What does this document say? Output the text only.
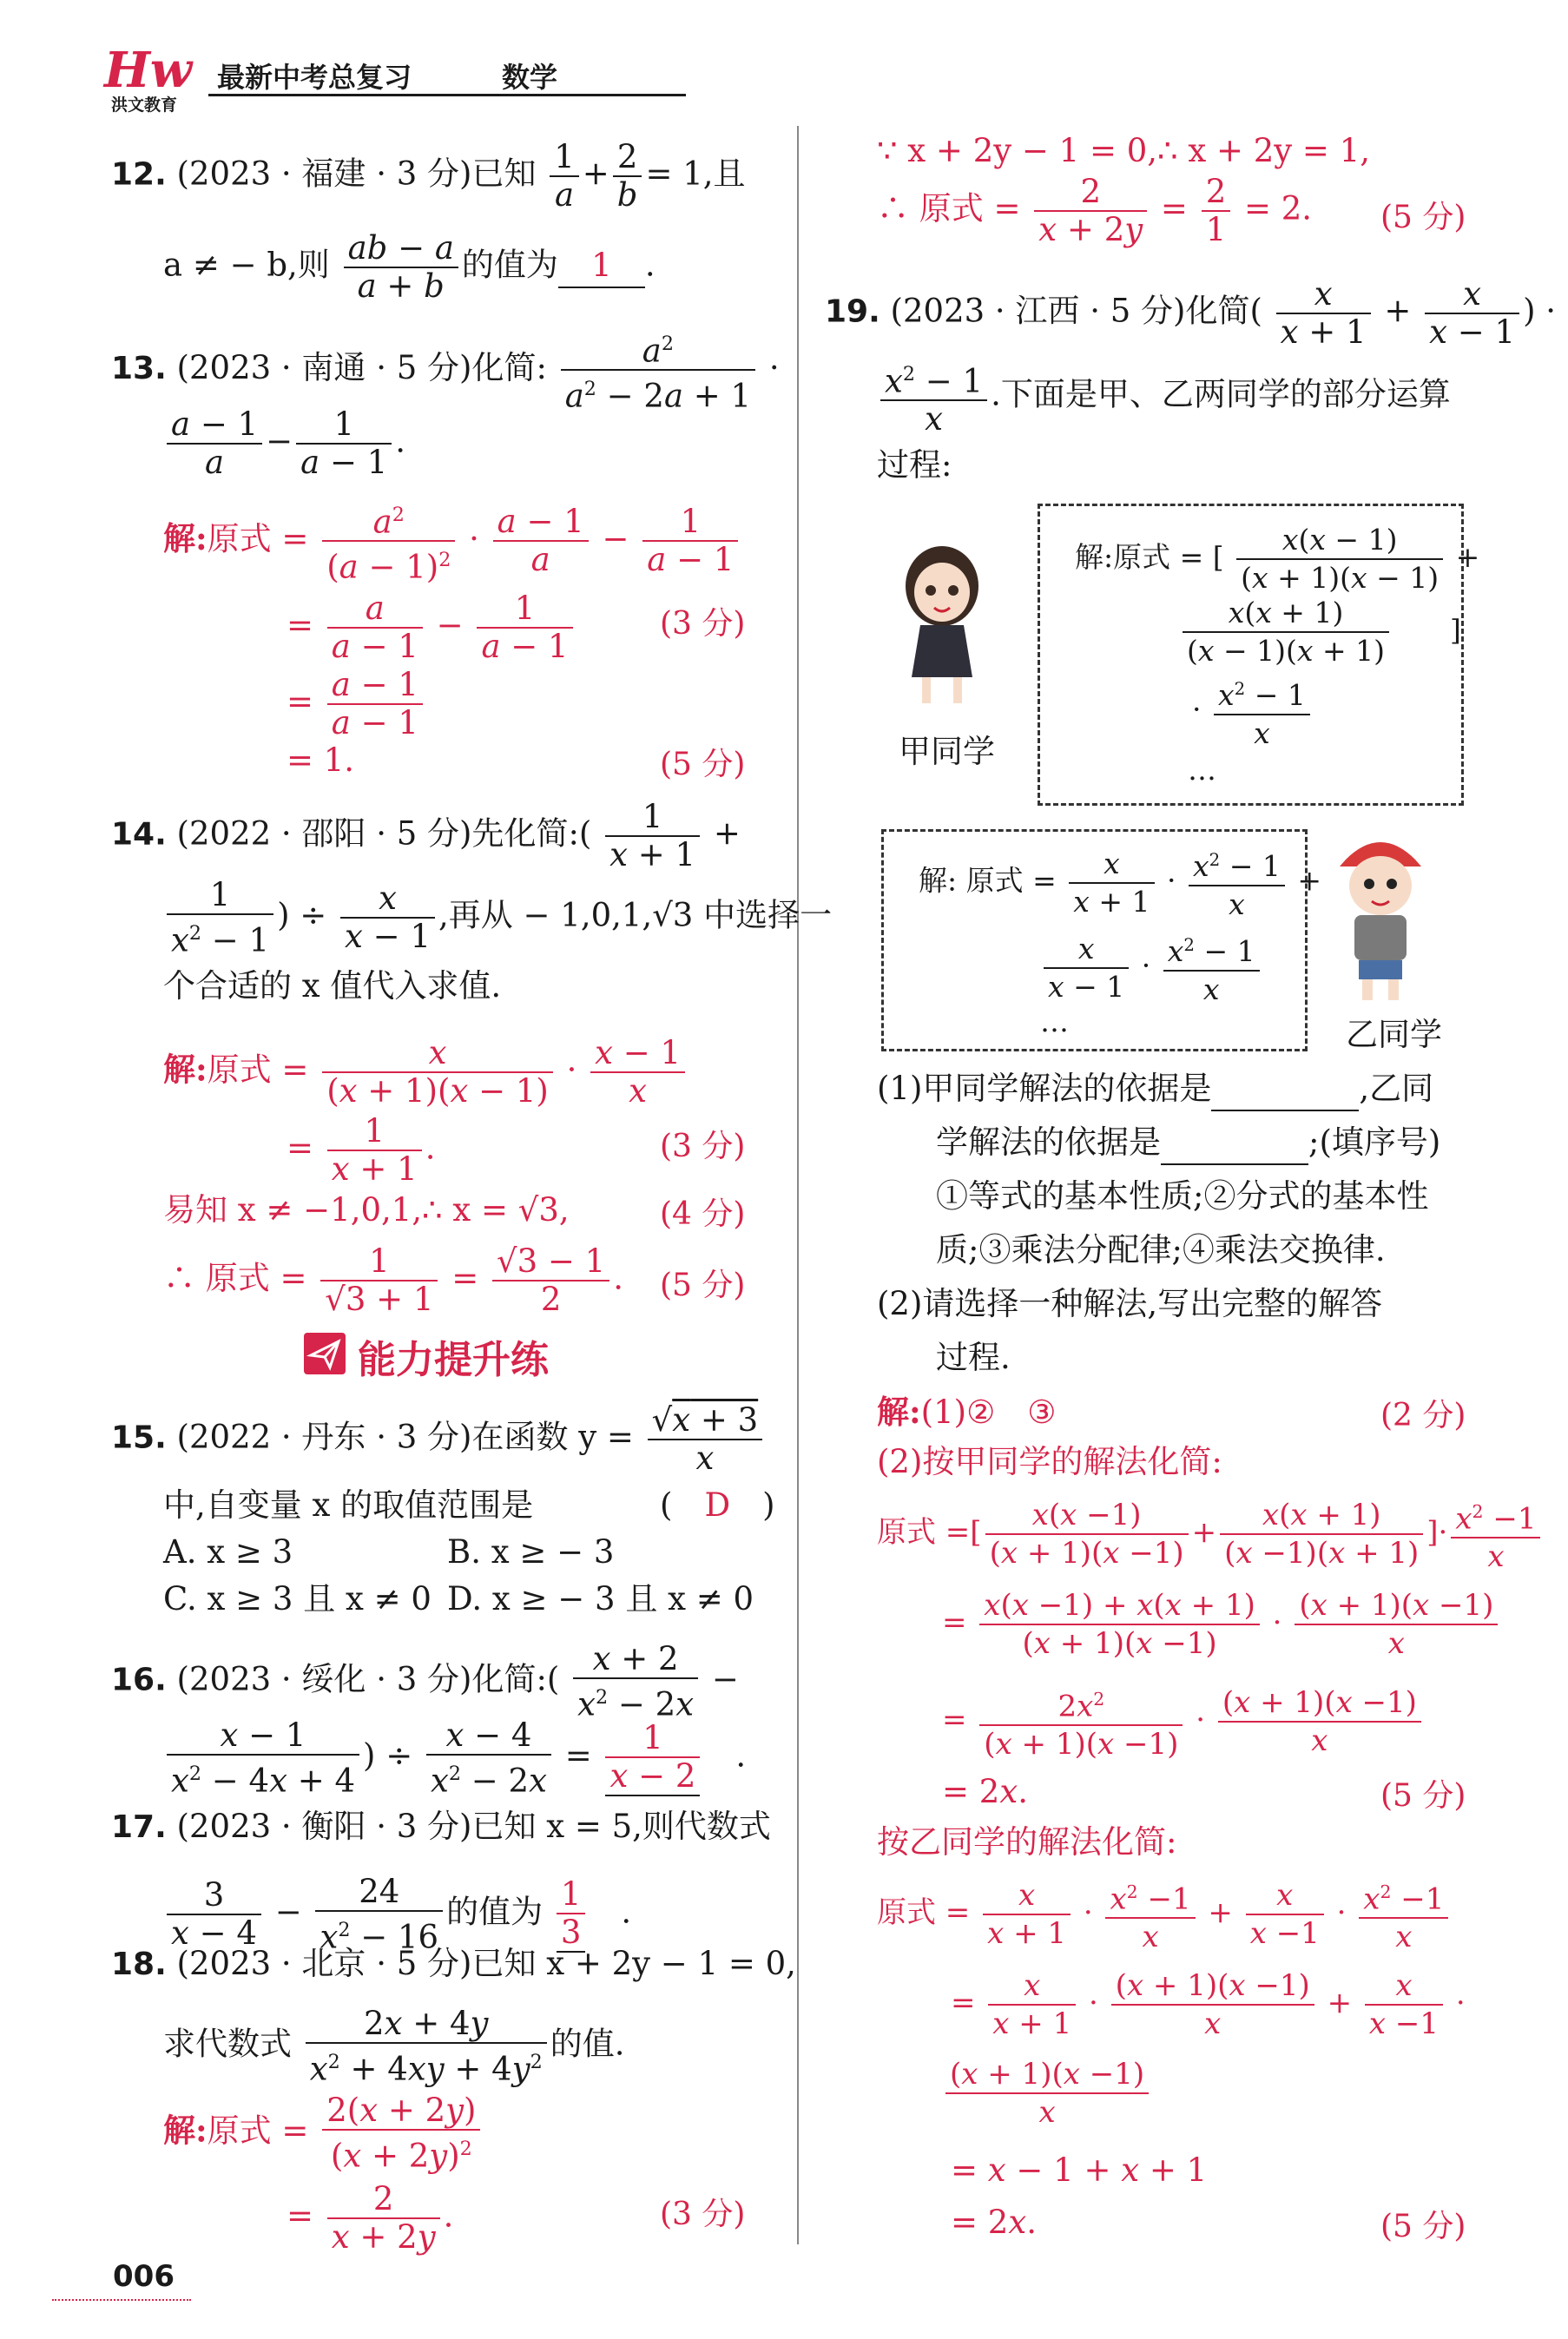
Hw
洪文教育
最新中考总复习	数学
12. (2023 · 福建 · 3 分)已知 $\frac{1}{a} + \frac{2}{b} = 1$,且
a ≠ − b,则 $\frac{ab - a}{a + b}$ 的值为 1 .
13. (2023 · 南通 · 5 分)化简: $\frac{a^2}{a^2 - 2a + 1}$ ·
$\frac{a - 1}{a} - \frac{1}{a - 1}$ .
解:原式 = $\frac{a^2}{(a - 1)^2} \cdot \frac{a - 1}{a} - \frac{1}{a - 1}$
= $\frac{a}{a - 1} - \frac{1}{a - 1}$	(3 分)
= $\frac{a - 1}{a - 1}$
= 1.	(5 分)
14. (2022 · 邵阳 · 5 分)先化简:( $\frac{1}{x + 1}$ +
$\frac{1}{x^2 - 1}$ ) ÷ $\frac{x}{x - 1}$ ,再从 − 1,0,1,√3 中选择一
个合适的 x 值代入求值.
解:原式 = $\frac{x}{(x + 1)(x - 1)} \cdot \frac{x - 1}{x}$
= $\frac{1}{x + 1}$ .	(3 分)
易知 x ≠ −1,0,1,∴ x = √3,	(4 分)
∴ 原式 = $\frac{1}{√3 + 1} = \frac{√3 - 1}{2}$ . (5 分)
能力提升练
15. (2022 · 丹东 · 3 分)在函数 $y = \frac{√x + 3}{x}$
中,自变量 x 的取值范围是	(　D　)
A. x ≥ 3	B. x ≥ − 3
C. x ≥ 3 且 x ≠ 0 D. x ≥ − 3 且 x ≠ 0
16. (2023 · 绥化 · 3 分)化简:( $\frac{x + 2}{x^2 - 2x}$ −
$\frac{x - 1}{x^2 - 4x + 4}$ ) ÷ $\frac{x - 4}{x^2 - 2x} = \frac{1}{x - 2}$ 　.
17. (2023 · 衡阳 · 3 分)已知 x = 5,则代数式
$\frac{3}{x - 4} - \frac{24}{x^2 - 16}$ 的值为 $\frac{1}{3}$ 　.
18. (2023 · 北京 · 5 分)已知 x + 2y − 1 = 0,
求代数式 $\frac{2x + 4y}{x^2 + 4xy + 4y^2}$ 的值.
解:原式 = $\frac{2(x + 2y)}{(x + 2y)^2}$
= $\frac{2}{x + 2y}$ .	(3 分)
006
∵ x + 2y − 1 = 0,∴ x + 2y = 1,
∴ 原式 = $\frac{2}{x + 2y} = \frac{2}{1} = 2$. (5 分)
19. (2023 · 江西 · 5 分)化简( $\frac{x}{x + 1} + \frac{x}{x - 1}$ ) ·
$\frac{x^2 - 1}{x}$ .下面是甲、乙两同学的部分运算
过程:
甲同学
解:原式 = [ $\frac{x(x - 1)}{(x + 1)(x - 1)}$ +
$\frac{x(x + 1)}{(x - 1)(x + 1)}$ 　　]
· $\frac{x^2 - 1}{x}$
…
解: 原式 = $\frac{x}{x + 1} \cdot \frac{x^2 - 1}{x}$ +
$\frac{x}{x - 1} \cdot \frac{x^2 - 1}{x}$
…	乙同学
(1)甲同学解法的依据是	,乙同
学解法的依据是	;(填序号)
①等式的基本性质;②分式的基本性
质;③乘法分配律;④乘法交换律.
(2)请选择一种解法,写出完整的解答
过程.
解:(1)②　③	(2 分)
(2)按甲同学的解法化简:
原式 =[ $\frac{x(x -1)}{(x + 1)(x -1)} + \frac{x(x + 1)}{(x -1)(x + 1)}$ ]· $\frac{x^2 -1}{x}$
= $\frac{x(x -1) + x(x + 1)}{(x + 1)(x -1)} \cdot \frac{(x + 1)(x -1)}{x}$
= $\frac{2x^2}{(x + 1)(x -1)} \cdot \frac{(x + 1)(x -1)}{x}$
= 2x.	(5 分)
按乙同学的解法化简:
原式 = $\frac{x}{x + 1} \cdot \frac{x^2 -1}{x} + \frac{x}{x -1} \cdot \frac{x^2 -1}{x}$
= $\frac{x}{x + 1} \cdot \frac{(x + 1)(x -1)}{x} + \frac{x}{x -1}$ ·
$\frac{(x + 1)(x -1)}{x}$
= x − 1 + x + 1
= 2x.	(5 分)
